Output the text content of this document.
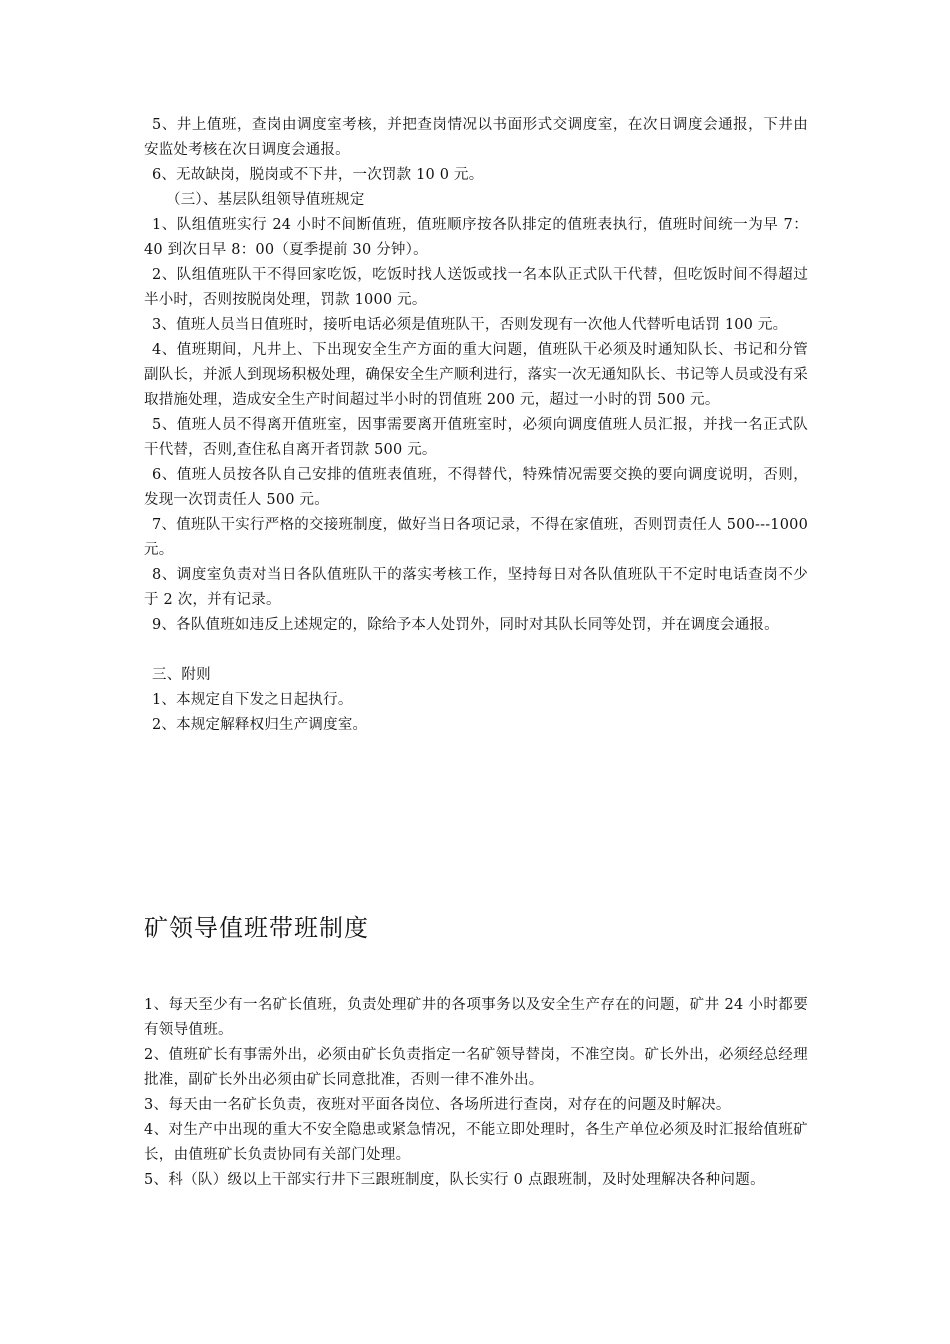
5、井上值班，查岗由调度室考核，并把查岗情况以书面形式交调度室，在次日调度会通报，下井由安监处考核在次日调度会通报。

6、无故缺岗，脱岗或不下井，一次罚款 10 0 元。

（三）、基层队组领导值班规定

1、队组值班实行 24 小时不间断值班，值班顺序按各队排定的值班表执行，值班时间统一为早 7：40 到次日早 8：00（夏季提前 30 分钟）。

2、队组值班队干不得回家吃饭，吃饭时找人送饭或找一名本队正式队干代替，但吃饭时间不得超过半小时，否则按脱岗处理，罚款 1000 元。

3、值班人员当日值班时，接听电话必须是值班队干，否则发现有一次他人代替听电话罚 100 元。

4、值班期间，凡井上、下出现安全生产方面的重大问题，值班队干必须及时通知队长、书记和分管副队长，并派人到现场积极处理，确保安全生产顺利进行，落实一次无通知队长、书记等人员或没有采取措施处理，造成安全生产时间超过半小时的罚值班 200 元，超过一小时的罚 500 元。

5、值班人员不得离开值班室，因事需要离开值班室时，必须向调度值班人员汇报，并找一名正式队干代替，否则,查住私自离开者罚款 500 元。

6、值班人员按各队自己安排的值班表值班，不得替代，特殊情况需要交换的要向调度说明，否则，发现一次罚责任人 500 元。

7、值班队干实行严格的交接班制度，做好当日各项记录，不得在家值班，否则罚责任人 500---1000 元。

8、调度室负责对当日各队值班队干的落实考核工作，坚持每日对各队值班队干不定时电话查岗不少于 2 次，并有记录。

9、各队值班如违反上述规定的，除给予本人处罚外，同时对其队长同等处罚，并在调度会通报。

三、附则

1、本规定自下发之日起执行。

2、本规定解释权归生产调度室。

矿领导值班带班制度

1、每天至少有一名矿长值班，负责处理矿井的各项事务以及安全生产存在的问题，矿井 24 小时都要有领导值班。

2、值班矿长有事需外出，必须由矿长负责指定一名矿领导替岗，不准空岗。矿长外出，必须经总经理批准，副矿长外出必须由矿长同意批准，否则一律不准外出。

3、每天由一名矿长负责，夜班对平面各岗位、各场所进行查岗，对存在的问题及时解决。

4、对生产中出现的重大不安全隐患或紧急情况，不能立即处理时，各生产单位必须及时汇报给值班矿长，由值班矿长负责协同有关部门处理。

5、科（队）级以上干部实行井下三跟班制度，队长实行 0 点跟班制，及时处理解决各种问题。
